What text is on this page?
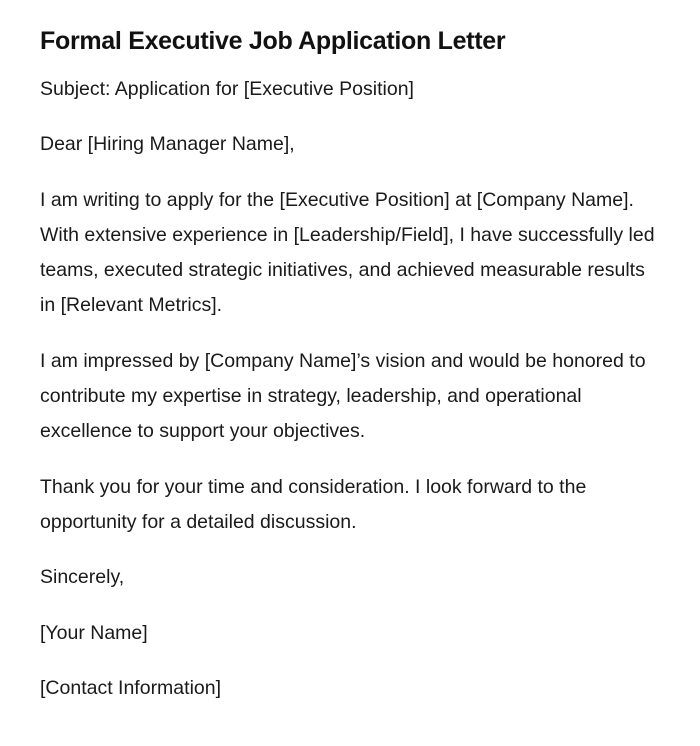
Formal Executive Job Application Letter

Subject: Application for [Executive Position]

Dear [Hiring Manager Name],

I am writing to apply for the [Executive Position] at [Company Name]. With extensive experience in [Leadership/Field], I have successfully led teams, executed strategic initiatives, and achieved measurable results in [Relevant Metrics].

I am impressed by [Company Name]’s vision and would be honored to contribute my expertise in strategy, leadership, and operational excellence to support your objectives.

Thank you for your time and consideration. I look forward to the opportunity for a detailed discussion.

Sincerely,

[Your Name]

[Contact Information]
